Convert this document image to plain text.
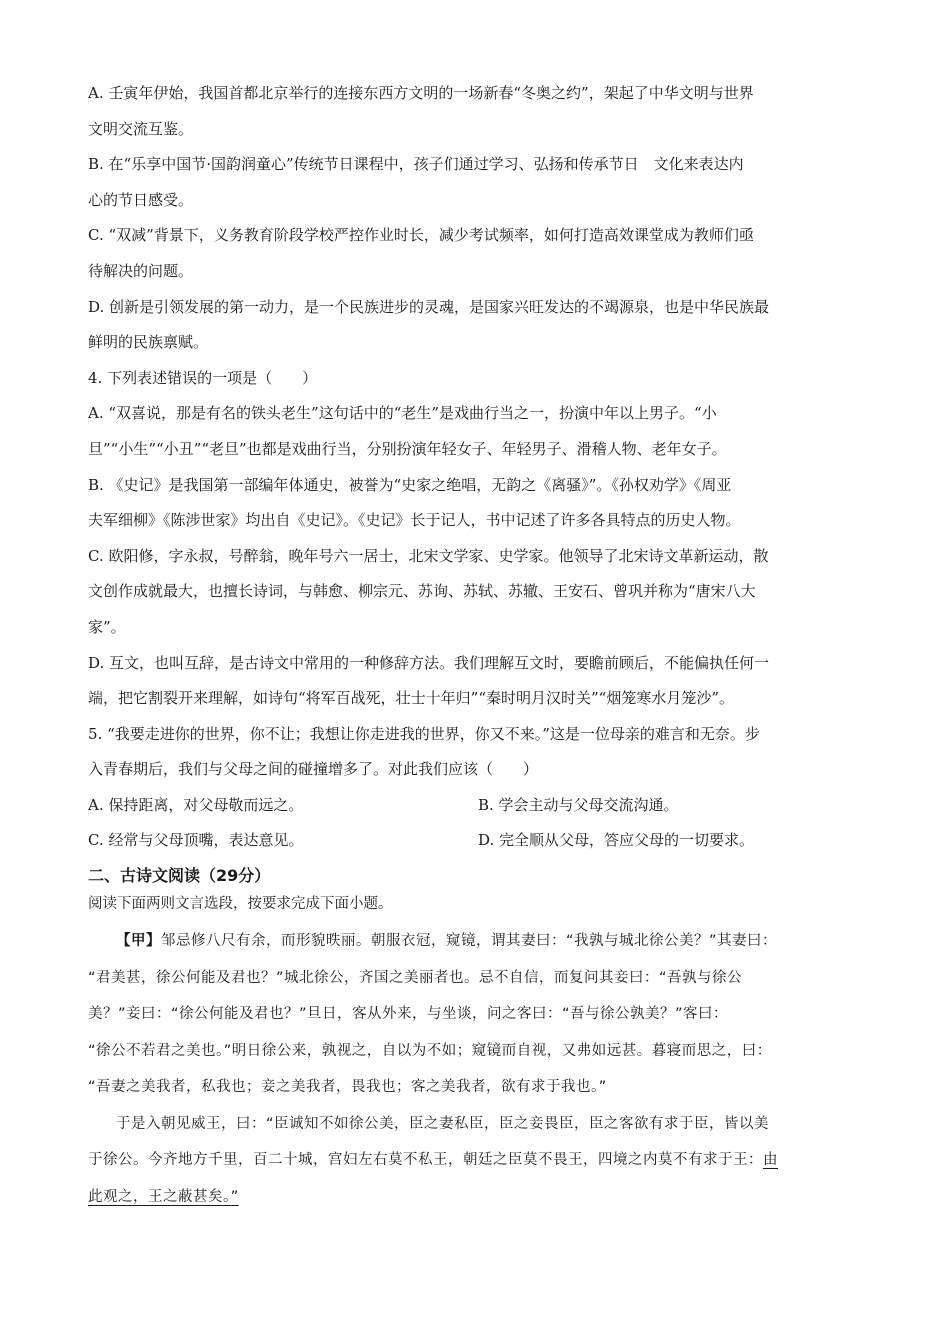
A. 壬寅年伊始，我国首都北京举行的连接东西方文明的一场新春“冬奥之约”，架起了中华文明与世界
文明交流互鉴。
B. 在“乐享中国节·国韵润童心”传统节日课程中，孩子们通过学习、弘扬和传承节日　文化来表达内
心的节日感受。
C. “双减”背景下，义务教育阶段学校严控作业时长，减少考试频率，如何打造高效课堂成为教师们亟
待解决的问题。
D. 创新是引领发展的第一动力，是一个民族进步的灵魂，是国家兴旺发达的不竭源泉，也是中华民族最
鲜明的民族禀赋。
4. 下列表述错误的一项是（　　）
A. “双喜说，那是有名的铁头老生”这句话中的“老生”是戏曲行当之一，扮演中年以上男子。“小
旦”“小生”“小丑”“老旦”也都是戏曲行当，分别扮演年轻女子、年轻男子、滑稽人物、老年女子。
B. 《史记》是我国第一部编年体通史，被誉为“史家之绝唱，无韵之《离骚》”。《孙权劝学》《周亚
夫军细柳》《陈涉世家》均出自《史记》。《史记》长于记人，书中记述了许多各具特点的历史人物。
C. 欧阳修，字永叔，号醉翁，晚年号六一居士，北宋文学家、史学家。他领导了北宋诗文革新运动，散
文创作成就最大，也擅长诗词，与韩愈、柳宗元、苏询、苏轼、苏辙、王安石、曾巩并称为“唐宋八大
家”。
D. 互文，也叫互辞，是古诗文中常用的一种修辞方法。我们理解互文时，要瞻前顾后，不能偏执任何一
端，把它割裂开来理解，如诗句“将军百战死，壮士十年归”“秦时明月汉时关”“烟笼寒水月笼沙”。
5. “我要走进你的世界，你不让；我想让你走进我的世界，你又不来。”这是一位母亲的难言和无奈。步
入青春期后，我们与父母之间的碰撞增多了。对此我们应该（　　）
A. 保持距离，对父母敬而远之。	B. 学会主动与父母交流沟通。
C. 经常与父母顶嘴，表达意见。	D. 完全顺从父母，答应父母的一切要求。
二、古诗文阅读（29分）
阅读下面两则文言选段，按要求完成下面小题。
【甲】邹忌修八尺有余，而形貌昳丽。朝服衣冠，窥镜，谓其妻曰：“我孰与城北徐公美？”其妻曰：
“君美甚，徐公何能及君也？”城北徐公，齐国之美丽者也。忌不自信，而复问其妾曰：“吾孰与徐公
美？”妾曰：“徐公何能及君也？”旦日，客从外来，与坐谈，问之客曰：“吾与徐公孰美？”客曰：
“徐公不若君之美也。”明日徐公来，孰视之，自以为不如；窥镜而自视，又弗如远甚。暮寝而思之，曰：
“吾妻之美我者，私我也；妾之美我者，畏我也；客之美我者，欲有求于我也。”
于是入朝见威王，曰：“臣诚知不如徐公美，臣之妻私臣，臣之妾畏臣，臣之客欲有求于臣，皆以美
于徐公。今齐地方千里，百二十城，宫妇左右莫不私王，朝廷之臣莫不畏王，四境之内莫不有求于王：由
此观之，王之蔽甚矣。”
